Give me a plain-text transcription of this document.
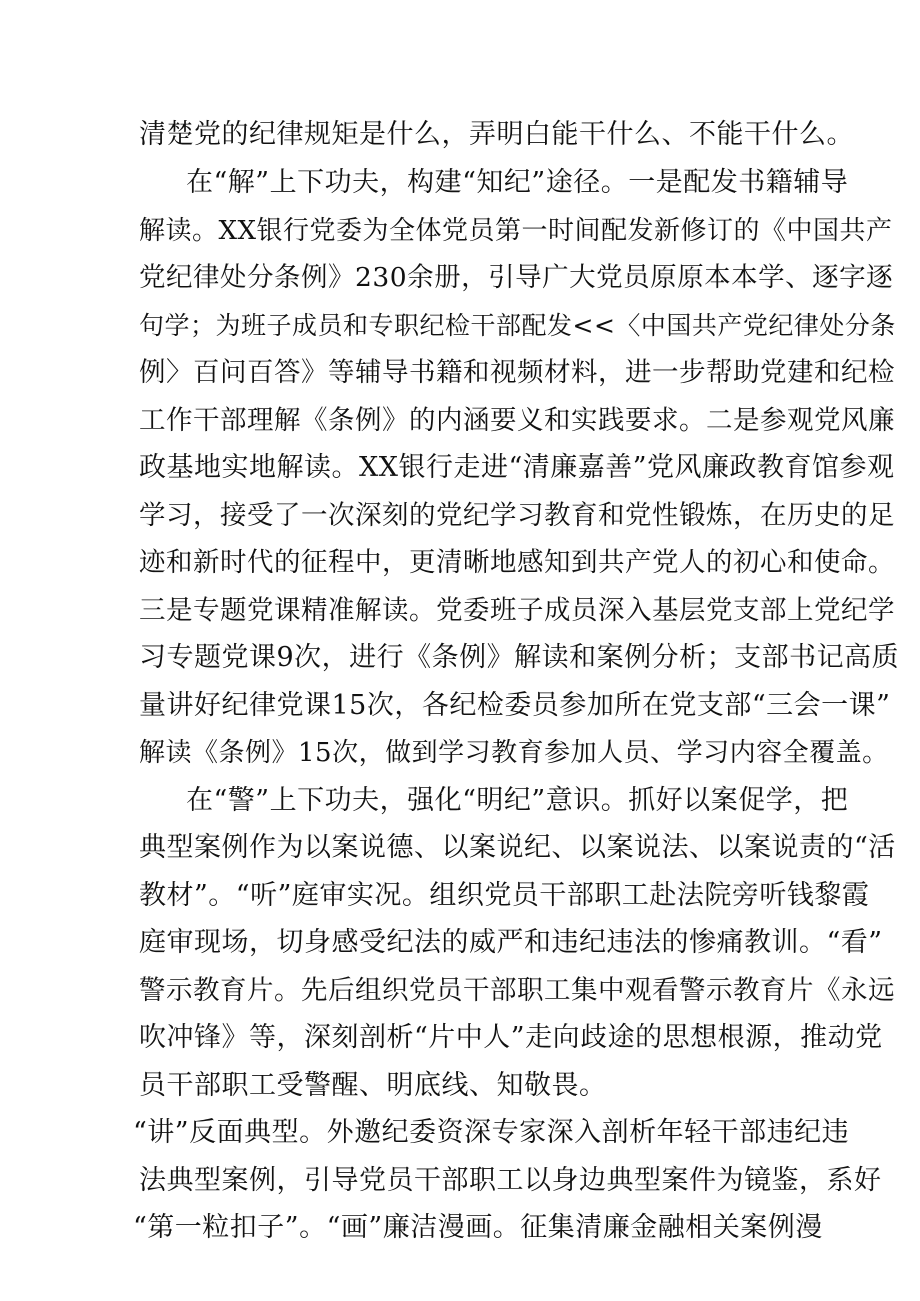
清楚党的纪律规矩是什么，弄明白能干什么、不能干什么。
在“解”上下功夫，构建“知纪”途径。一是配发书籍辅导
解读。XX银行党委为全体党员第一时间配发新修订的《中国共产
党纪律处分条例》230余册，引导广大党员原原本本学、逐字逐
句学；为班子成员和专职纪检干部配发<<〈中国共产党纪律处分条
例〉百问百答》等辅导书籍和视频材料，进一步帮助党建和纪检
工作干部理解《条例》的内涵要义和实践要求。二是参观党风廉
政基地实地解读。XX银行走进“清廉嘉善”党风廉政教育馆参观
学习，接受了一次深刻的党纪学习教育和党性锻炼，在历史的足
迹和新时代的征程中，更清晰地感知到共产党人的初心和使命。
三是专题党课精准解读。党委班子成员深入基层党支部上党纪学
习专题党课9次，进行《条例》解读和案例分析；支部书记高质
量讲好纪律党课15次，各纪检委员参加所在党支部“三会一课”
解读《条例》15次，做到学习教育参加人员、学习内容全覆盖。
在“警”上下功夫，强化“明纪”意识。抓好以案促学，把
典型案例作为以案说德、以案说纪、以案说法、以案说责的“活
教材”。“听”庭审实况。组织党员干部职工赴法院旁听钱黎霞
庭审现场，切身感受纪法的威严和违纪违法的惨痛教训。“看”
警示教育片。先后组织党员干部职工集中观看警示教育片《永远
吹冲锋》等，深刻剖析“片中人”走向歧途的思想根源，推动党
员干部职工受警醒、明底线、知敬畏。
“讲”反面典型。外邀纪委资深专家深入剖析年轻干部违纪违
法典型案例，引导党员干部职工以身边典型案件为镜鉴，系好
“第一粒扣子”。“画”廉洁漫画。征集清廉金融相关案例漫
